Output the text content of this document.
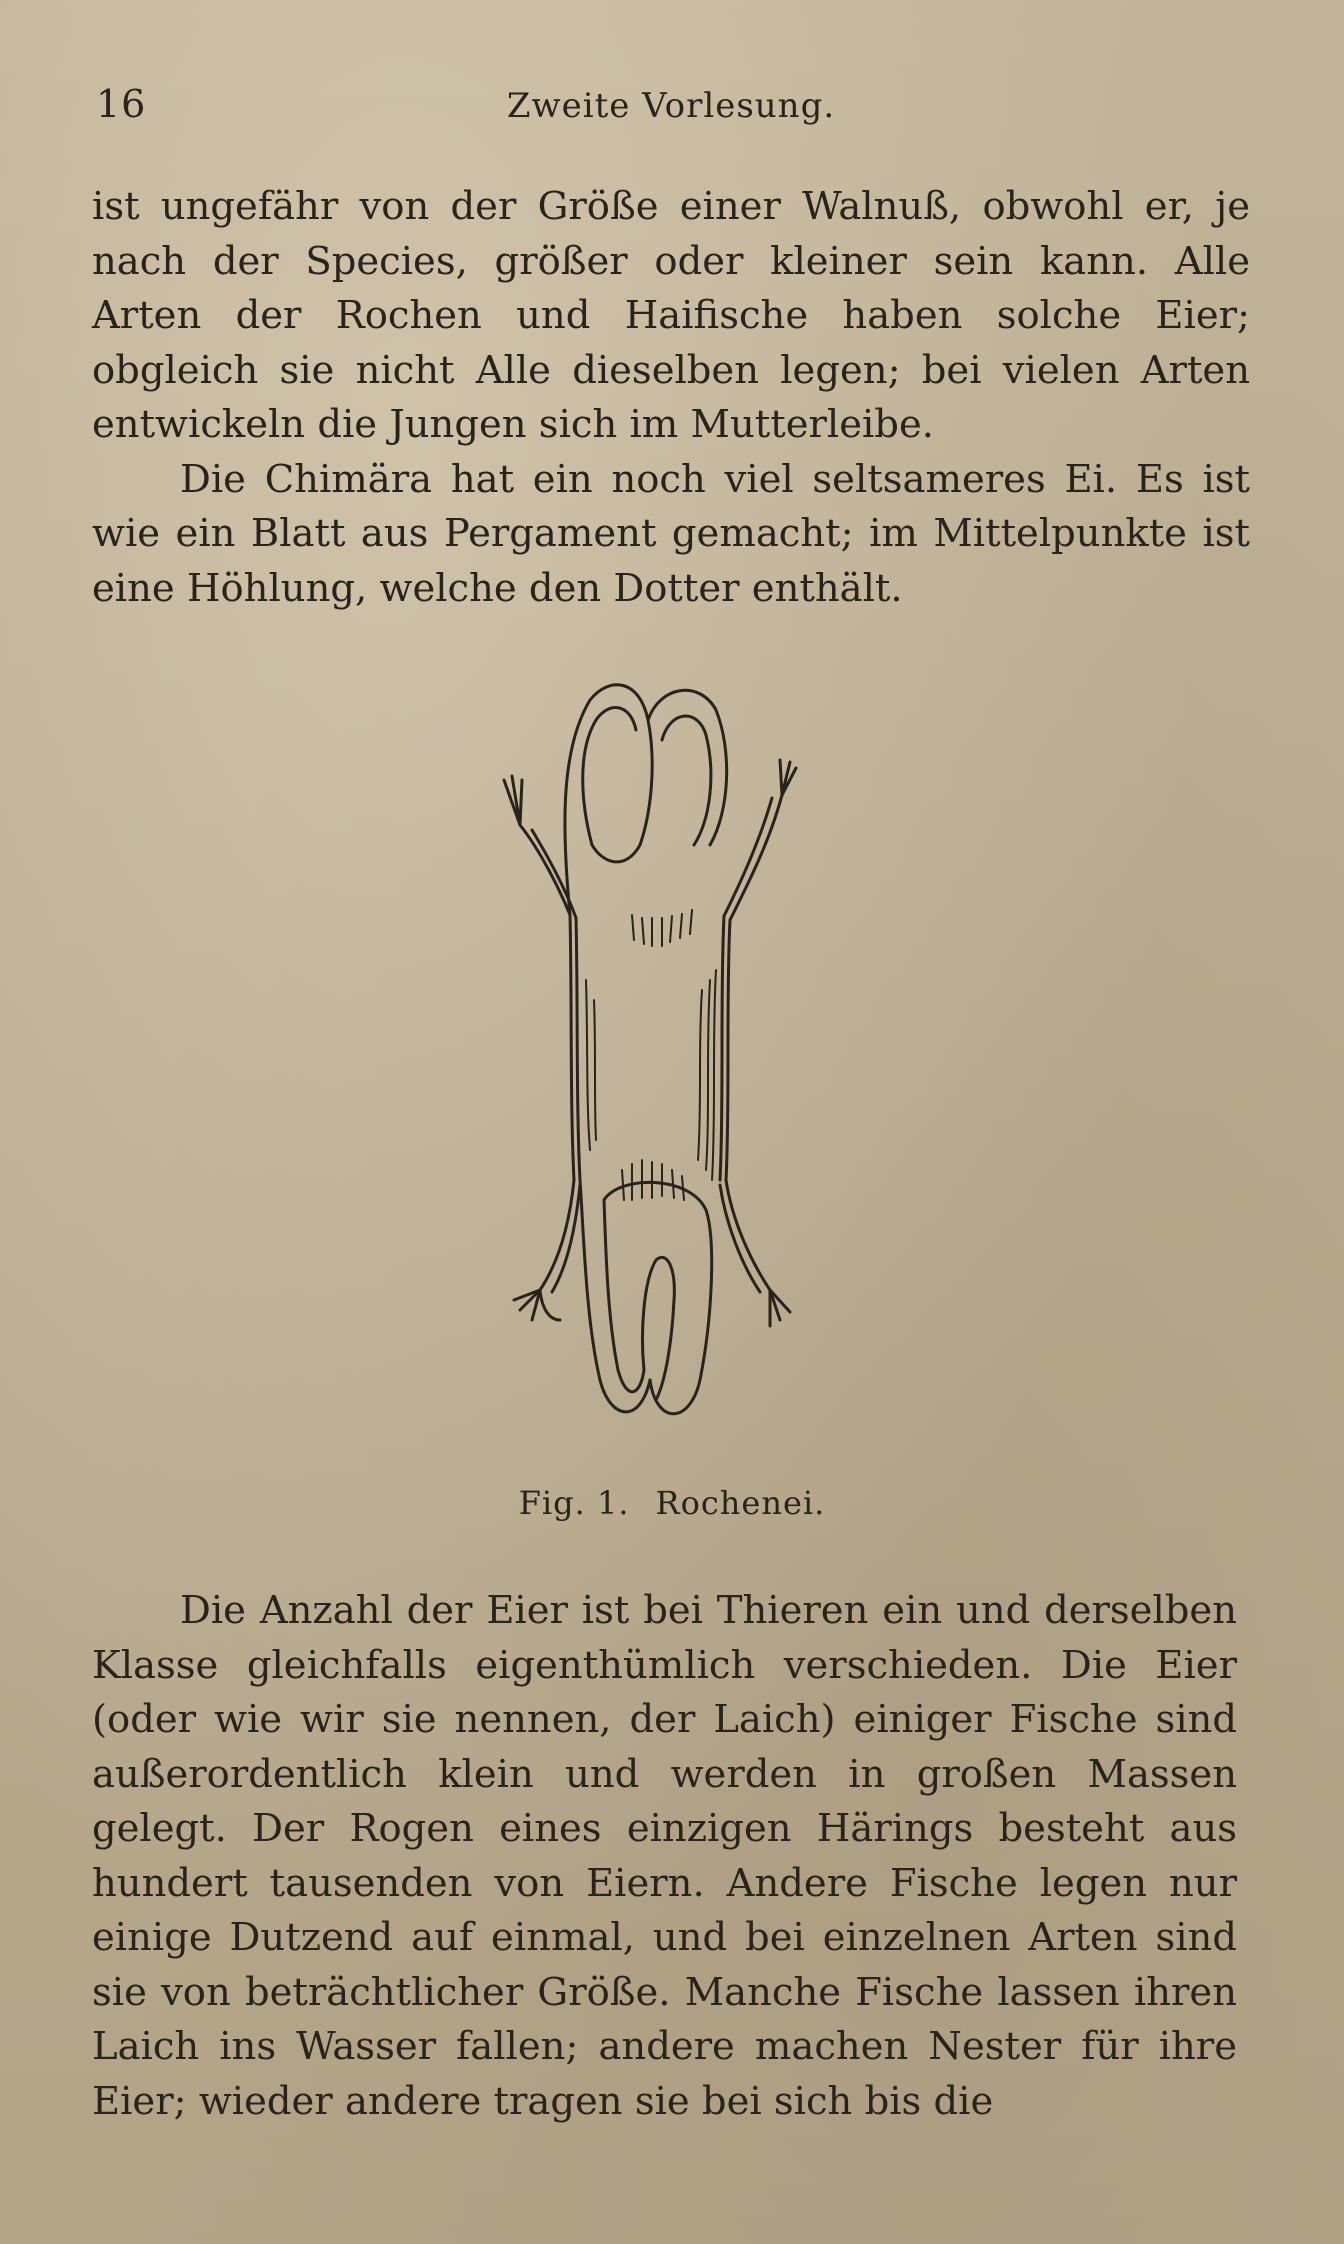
16	Zweite Vorlesung.

ist ungefähr von der Größe einer Walnuß, obwohl er, je nach der Species, größer oder kleiner sein kann. Alle Arten der Rochen und Haifische haben solche Eier; obgleich sie nicht Alle dieselben legen; bei vielen Arten entwickeln die Jungen sich im Mutterleibe.

Die Chimära hat ein noch viel seltsameres Ei. Es ist wie ein Blatt aus Pergament gemacht; im Mittelpunkte ist eine Höhlung, welche den Dotter enthält.

Fig. 1. Rochenei.

Die Anzahl der Eier ist bei Thieren ein und derselben Klasse gleichfalls eigenthümlich verschieden. Die Eier (oder wie wir sie nennen, der Laich) einiger Fische sind außerordentlich klein und werden in großen Massen gelegt. Der Rogen eines einzigen Härings besteht aus hundert tausenden von Eiern. Andere Fische legen nur einige Dutzend auf einmal, und bei einzelnen Arten sind sie von beträchtlicher Größe. Manche Fische lassen ihren Laich ins Wasser fallen; andere machen Nester für ihre Eier; wieder andere tragen sie bei sich bis die
